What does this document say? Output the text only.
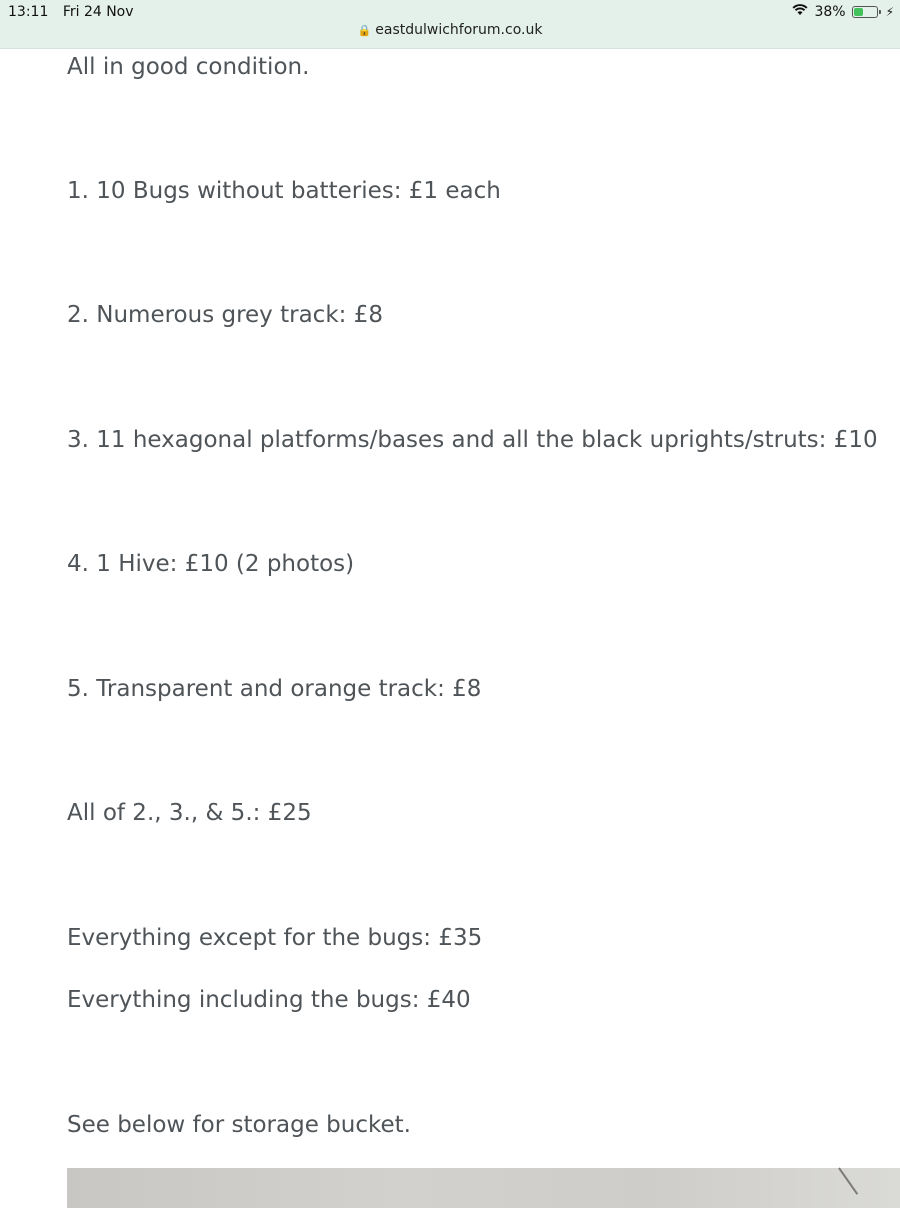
13:11 Fri 24 Nov	38%	⚡
🔒 eastdulwichforum.co.uk
All in good condition.
1. 10 Bugs without batteries: £1 each
2. Numerous grey track: £8
3. 11 hexagonal platforms/bases and all the black uprights/struts: £10
4. 1 Hive: £10 (2 photos)
5. Transparent and orange track: £8
All of 2., 3., & 5.: £25
Everything except for the bugs: £35
Everything including the bugs: £40
See below for storage bucket.
